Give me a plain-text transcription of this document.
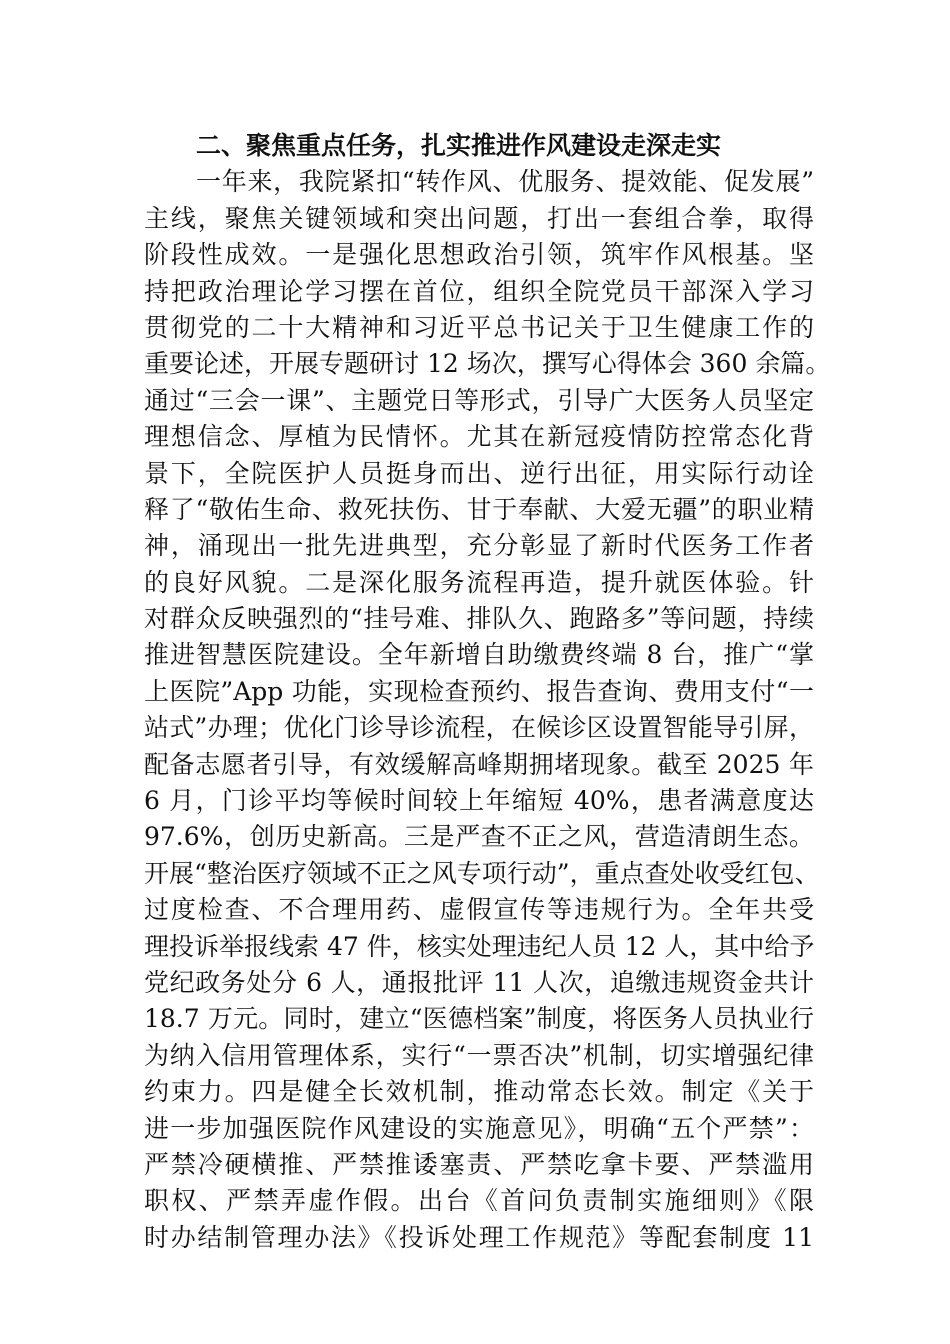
二、聚焦重点任务，扎实推进作风建设走深走实
一年来，我院紧扣“转作风、优服务、提效能、促发展”
主线，聚焦关键领域和突出问题，打出一套组合拳，取得
阶段性成效。一是强化思想政治引领，筑牢作风根基。坚
持把政治理论学习摆在首位，组织全院党员干部深入学习
贯彻党的二十大精神和习近平总书记关于卫生健康工作的
重要论述，开展专题研讨 12 场次，撰写心得体会 360 余篇。
通过“三会一课”、主题党日等形式，引导广大医务人员坚定
理想信念、厚植为民情怀。尤其在新冠疫情防控常态化背
景下，全院医护人员挺身而出、逆行出征，用实际行动诠
释了“敬佑生命、救死扶伤、甘于奉献、大爱无疆”的职业精
神，涌现出一批先进典型，充分彰显了新时代医务工作者
的良好风貌。二是深化服务流程再造，提升就医体验。针
对群众反映强烈的“挂号难、排队久、跑路多”等问题，持续
推进智慧医院建设。全年新增自助缴费终端 8 台，推广“掌
上医院”App 功能，实现检查预约、报告查询、费用支付“一
站式”办理；优化门诊导诊流程，在候诊区设置智能导引屏，
配备志愿者引导，有效缓解高峰期拥堵现象。截至 2025 年
6 月，门诊平均等候时间较上年缩短 40%，患者满意度达
97.6%，创历史新高。三是严查不正之风，营造清朗生态。
开展“整治医疗领域不正之风专项行动”，重点查处收受红包、
过度检查、不合理用药、虚假宣传等违规行为。全年共受
理投诉举报线索 47 件，核实处理违纪人员 12 人，其中给予
党纪政务处分 6 人，通报批评 11 人次，追缴违规资金共计
18.7 万元。同时，建立“医德档案”制度，将医务人员执业行
为纳入信用管理体系，实行“一票否决”机制，切实增强纪律
约束力。四是健全长效机制，推动常态长效。制定《关于
进一步加强医院作风建设的实施意见》，明确“五个严禁”：
严禁冷硬横推、严禁推诿塞责、严禁吃拿卡要、严禁滥用
职权、严禁弄虚作假。出台《首问负责制实施细则》《限
时办结制管理办法》《投诉处理工作规范》等配套制度 11
